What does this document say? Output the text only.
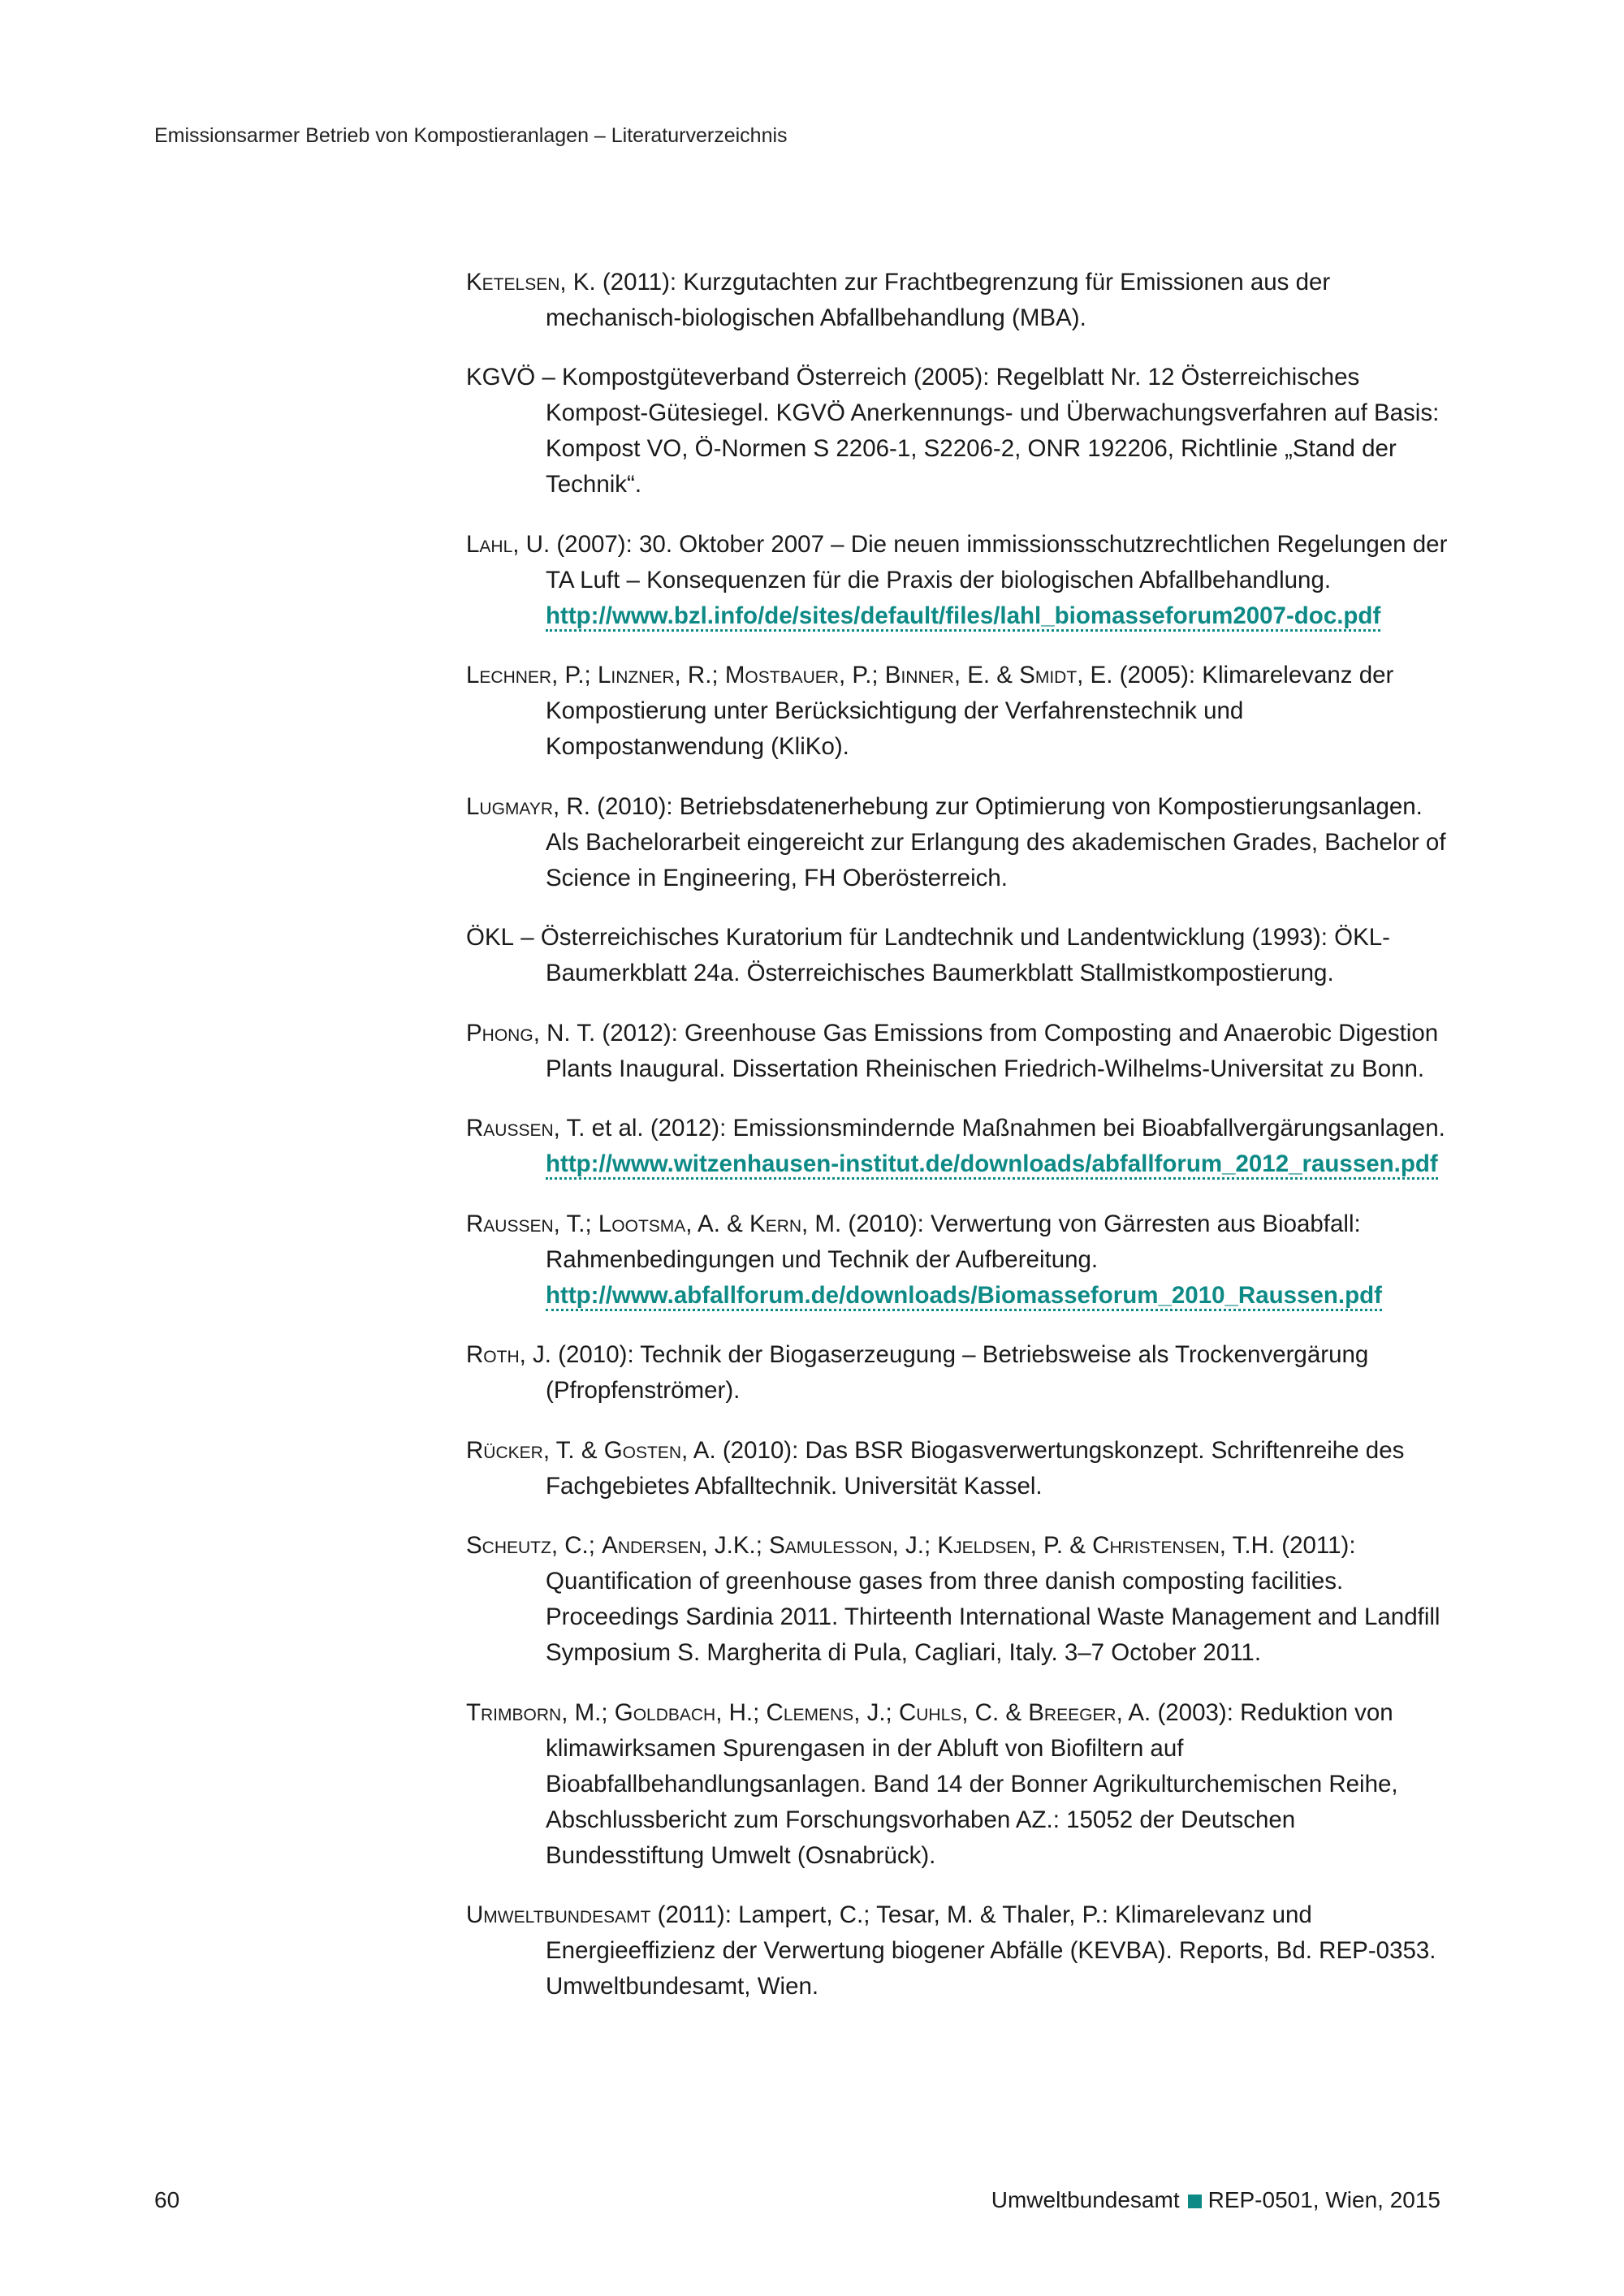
Emissionsarmer Betrieb von Kompostieranlagen – Literaturverzeichnis

Ketelsen, K. (2011): Kurzgutachten zur Frachtbegrenzung für Emissionen aus der mechanisch-biologischen Abfallbehandlung (MBA).

KGVÖ – Kompostgüteverband Österreich (2005): Regelblatt Nr. 12 Österreichisches Kompost-Gütesiegel. KGVÖ Anerkennungs- und Überwachungsverfahren auf Basis: Kompost VO, Ö-Normen S 2206-1, S2206-2, ONR 192206, Richtlinie „Stand der Technik“.

Lahl, U. (2007): 30. Oktober 2007 – Die neuen immissionsschutzrechtlichen Regelungen der TA Luft – Konsequenzen für die Praxis der biologischen Abfallbehandlung. http://www.bzl.info/de/sites/default/files/lahl_biomasseforum2007-doc.pdf

Lechner, P.; Linzner, R.; Mostbauer, P.; Binner, E. & Smidt, E. (2005): Klimarelevanz der Kompostierung unter Berücksichtigung der Verfahrenstechnik und Kompostanwendung (KliKo).

Lugmayr, R. (2010): Betriebsdatenerhebung zur Optimierung von Kompostierungsanlagen. Als Bachelorarbeit eingereicht zur Erlangung des akademischen Grades, Bachelor of Science in Engineering, FH Oberösterreich.

ÖKL – Österreichisches Kuratorium für Landtechnik und Landentwicklung (1993): ÖKL-Baumerkblatt 24a. Österreichisches Baumerkblatt Stallmistkompostierung.

Phong, N. T. (2012): Greenhouse Gas Emissions from Composting and Anaerobic Digestion Plants Inaugural. Dissertation Rheinischen Friedrich-Wilhelms-Universitat zu Bonn.

Raussen, T. et al. (2012): Emissionsmindernde Maßnahmen bei Bioabfallvergärungsanlagen. http://www.witzenhausen-institut.de/downloads/abfallforum_2012_raussen.pdf

Raussen, T.; Lootsma, A. & Kern, M. (2010): Verwertung von Gärresten aus Bioabfall: Rahmenbedingungen und Technik der Aufbereitung. http://www.abfallforum.de/downloads/Biomasseforum_2010_Raussen.pdf

Roth, J. (2010): Technik der Biogaserzeugung – Betriebsweise als Trockenvergärung (Pfropfenströmer).

Rücker, T. & Gosten, A. (2010): Das BSR Biogasverwertungskonzept. Schriftenreihe des Fachgebietes Abfalltechnik. Universität Kassel.

Scheutz, C.; Andersen, J.K.; Samulesson, J.; Kjeldsen, P. & Christensen, T.H. (2011): Quantification of greenhouse gases from three danish composting facilities. Proceedings Sardinia 2011. Thirteenth International Waste Management and Landfill Symposium S. Margherita di Pula, Cagliari, Italy. 3–7 October 2011.

Trimborn, M.; Goldbach, H.; Clemens, J.; Cuhls, C. & Breeger, A. (2003): Reduktion von klimawirksamen Spurengasen in der Abluft von Biofiltern auf Bioabfallbehandlungsanlagen. Band 14 der Bonner Agrikulturchemischen Reihe, Abschlussbericht zum Forschungsvorhaben AZ.: 15052 der Deutschen Bundesstiftung Umwelt (Osnabrück).

Umweltbundesamt (2011): Lampert, C.; Tesar, M. & Thaler, P.: Klimarelevanz und Energieeffizienz der Verwertung biogener Abfälle (KEVBA). Reports, Bd. REP-0353. Umweltbundesamt, Wien.

60	Umweltbundesamt REP-0501, Wien, 2015
